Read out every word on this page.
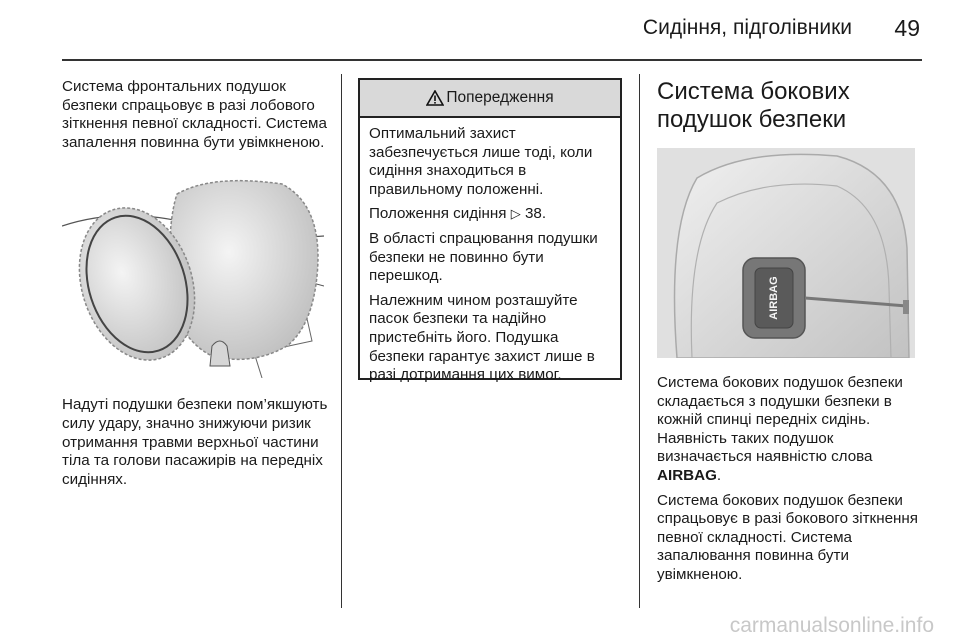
Сидіння, підголівники 49

Система фронтальних подушок безпеки спрацьовує в разі лобового зіткнення певної складності. Система запалення повинна бути увімкненою.

Надуті подушки безпеки пом’якшують силу удару, значно знижуючи ризик отримання травми верхньої частини тіла та голови пасажирів на передніх сидіннях.

Попередження

Оптимальний захист забезпечується лише тоді, коли сидіння знаходиться в правильному положенні.

Положення сидіння ▷ 38.

В області спрацювання подушки безпеки не повинно бути перешкод.

Належним чином розташуйте пасок безпеки та надійно пристебніть його. Подушка безпеки гарантує захист лише в разі дотримання цих вимог.

Система бокових подушок безпеки
AIRBAG

Система бокових подушок безпеки складається з подушки безпеки в кожній спинці передніх сидінь. Наявність таких подушок визначається наявністю слова AIRBAG.

Система бокових подушок безпеки спрацьовує в разі бокового зіткнення певної складності. Система запалювання повинна бути увімкненою.

carmanualsonline.info
